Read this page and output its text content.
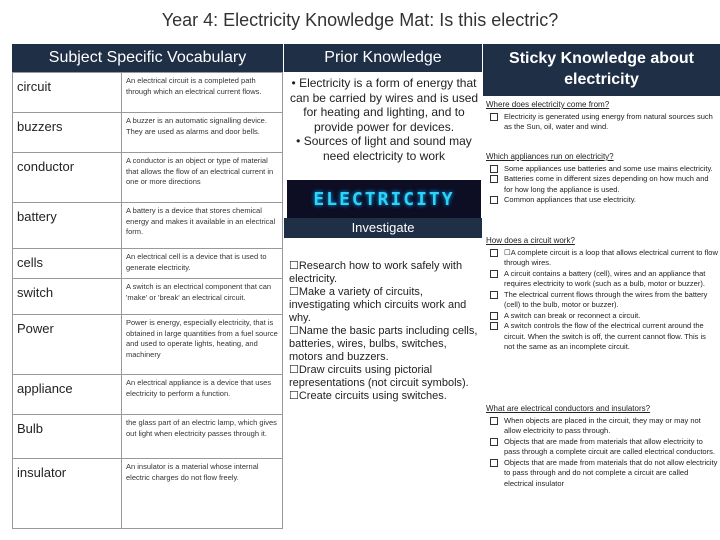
Year 4: Electricity Knowledge Mat: Is this electric?
Subject Specific Vocabulary	Prior Knowledge	Sticky Knowledge about electricity
circuit	An electrical circuit is a completed path through which an electrical current flows.
buzzers	A buzzer is an automatic signalling device. They are used as alarms and door bells.
conductor	A conductor is an object or type of material that allows the flow of an electrical current in one or more directions
battery	A battery is a device that stores chemical energy and makes it available in an electrical form.
cells	An electrical cell is a device that is used to generate electricity.
switch	A switch is an electrical component that can 'make' or 'break' an electrical circuit.
Power	Power is energy, especially electricity, that is obtained in large quantities from a fuel source and used to operate lights, heating, and machinery
appliance	An electrical appliance is a device that uses electricity to perform a function.
Bulb	the glass part of an electric lamp, which gives out light when electricity passes through it.
insulator	An insulator is a material whose internal electric charges do not flow freely.
• Electricity is a form of energy that can be carried by wires and is used for heating and lighting, and to provide power for devices.
• Sources of light and sound may need electricity to work
ELECTRICITY
Investigate
☐Research how to work safely with electricity.
☐Make a variety of circuits, investigating which circuits work and why.
☐Name the basic parts including cells, batteries, wires, bulbs, switches, motors and buzzers.
☐Draw circuits using pictorial representations (not circuit symbols).
☐Create circuits using switches.
Where does electricity come from?
Electricity is generated using energy from natural sources such as the Sun, oil, water and wind.
Which appliances run on electricity?
Some appliances use batteries and some use mains electricity.
Batteries come in different sizes depending on how much and for how long the appliance is used.
Common appliances that use electricity.
How does a circuit work?
☐A complete circuit is a loop that allows electrical current to flow through wires.
A circuit contains a battery (cell), wires and an appliance that requires electricity to work (such as a bulb, motor or buzzer).
The electrical current flows through the wires from the battery (cell) to the bulb, motor or buzzer).
A switch can break or reconnect a circuit.
A switch controls the flow of the electrical current around the circuit. When the switch is off, the current cannot flow. This is not the same as an incomplete circuit.
What are electrical conductors and insulators?
When objects are placed in the circuit, they may or may not allow electricity to pass through.
Objects that are made from materials that allow electricity to pass through a complete circuit are called electrical conductors.
Objects that are made from materials that do not allow electricity to pass through and do not complete a circuit are called electrical insulator
